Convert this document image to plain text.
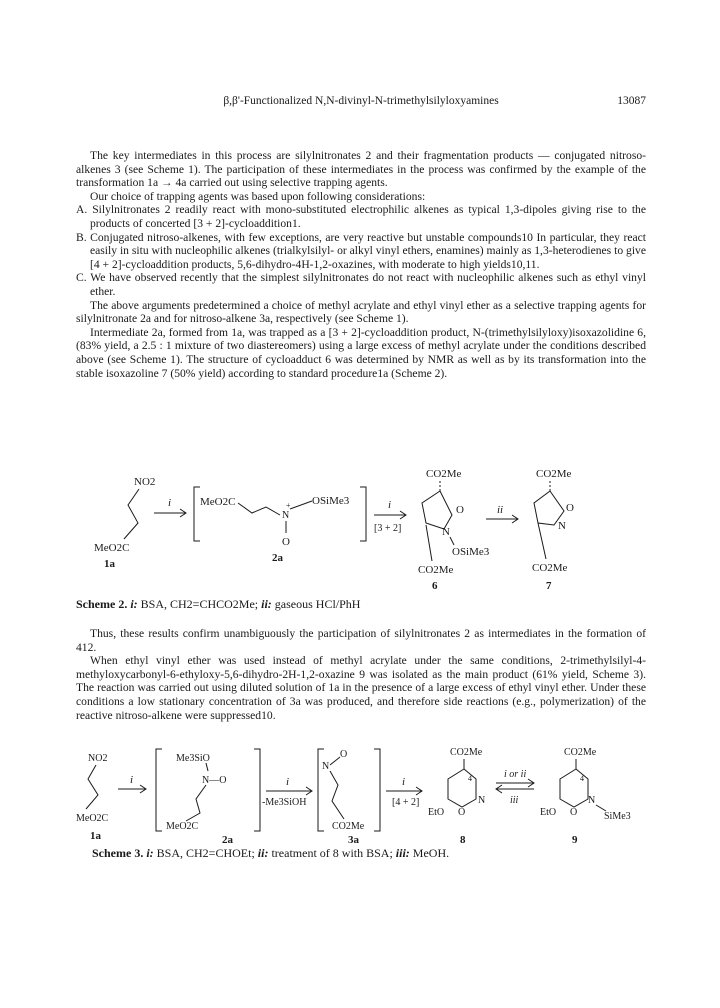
β,β'-Functionalized N,N-divinyl-N-trimethylsilyloxyamines	13087
The key intermediates in this process are silylnitronates 2 and their fragmentation products — conjugated nitroso-alkenes 3 (see Scheme 1). The participation of these intermediates in the process was confirmed by the example of the transformation 1a → 4a carried out using selective trapping agents.
Our choice of trapping agents was based upon following considerations:
A. Silylnitronates 2 readily react with mono-substituted electrophilic alkenes as typical 1,3-dipoles giving rise to the products of concerted [3 + 2]-cycloaddition1.
B. Conjugated nitroso-alkenes, with few exceptions, are very reactive but unstable compounds10 In particular, they react easily in situ with nucleophilic alkenes (trialkylsilyl- or alkyl vinyl ethers, enamines) mainly as 1,3-heterodienes to give [4 + 2]-cycloaddition products, 5,6-dihydro-4H-1,2-oxazines, with moderate to high yields10,11.
C. We have observed recently that the simplest silylnitronates do not react with nucleophilic alkenes such as ethyl vinyl ether.
The above arguments predetermined a choice of methyl acrylate and ethyl vinyl ether as a selective trapping agents for silylnitronate 2a and for nitroso-alkene 3a, respectively (see Scheme 1).
Intermediate 2a, formed from 1a, was trapped as a [3 + 2]-cycloaddition product, N-(trimethylsilyloxy)isoxazolidine 6, (83% yield, a 2.5 : 1 mixture of two diastereomers) using a large excess of methyl acrylate under the conditions described above (see Scheme 1). The structure of cycloadduct 6 was determined by NMR as well as by its transformation into the stable isoxazoline 7 (50% yield) according to standard procedure1a (Scheme 2).
NO2
MeO2C
1a
i	MeO2C
N
+ OSiMe3
O
2a
i
[3 + 2]
CO2Me
O
N
OSiMe3
CO2Me
6
ii
CO2Me
O
N
CO2Me
7
Scheme 2. i: BSA, CH2=CHCO2Me; ii: gaseous HCl/PhH
Thus, these results confirm unambiguously the participation of silylnitronates 2 as intermediates in the formation of 412.
When ethyl vinyl ether was used instead of methyl acrylate under the same conditions, 2-trimethylsilyl-4-methyloxycarbonyl-6-ethyloxy-5,6-dihydro-2H-1,2-oxazine 9 was isolated as the main product (61% yield, Scheme 3). The reaction was carried out using diluted solution of 1a in the presence of a large excess of ethyl vinyl ether. Under these conditions a low stationary concentration of 3a was produced, and therefore side reactions (e.g., polymerization) of the reactive nitroso-alkene were suppressed10.
NO2
MeO2C
1a
i
Me3SiO
N—O
MeO2C
2a
i
-Me3SiOH
N
O
CO2Me
3a
i
[4 + 2]
CO2Me
4
EtO O
N
8
i or ii
iii
CO2Me
4
EtO O
N
SiMe3
9
Scheme 3. i: BSA, CH2=CHOEt; ii: treatment of 8 with BSA; iii: MeOH.
